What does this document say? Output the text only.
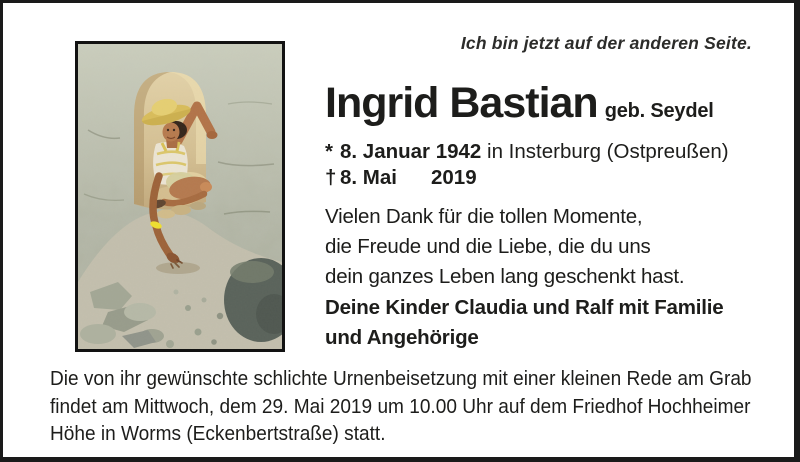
Ich bin jetzt auf der anderen Seite.
Ingrid Bastian geb. Seydel
* 8. Januar 1942 in Insterburg (Ostpreußen)
† 8. Mai 2019
Vielen Dank für die tollen Momente,
die Freude und die Liebe, die du uns
dein ganzes Leben lang geschenkt hast.
Deine Kinder Claudia und Ralf mit Familie
und Angehörige
Die von ihr gewünschte schlichte Urnenbeisetzung mit einer kleinen Rede am Grab
findet am Mittwoch, dem 29. Mai 2019 um 10.00 Uhr auf dem Friedhof Hochheimer
Höhe in Worms (Eckenbertstraße) statt.
